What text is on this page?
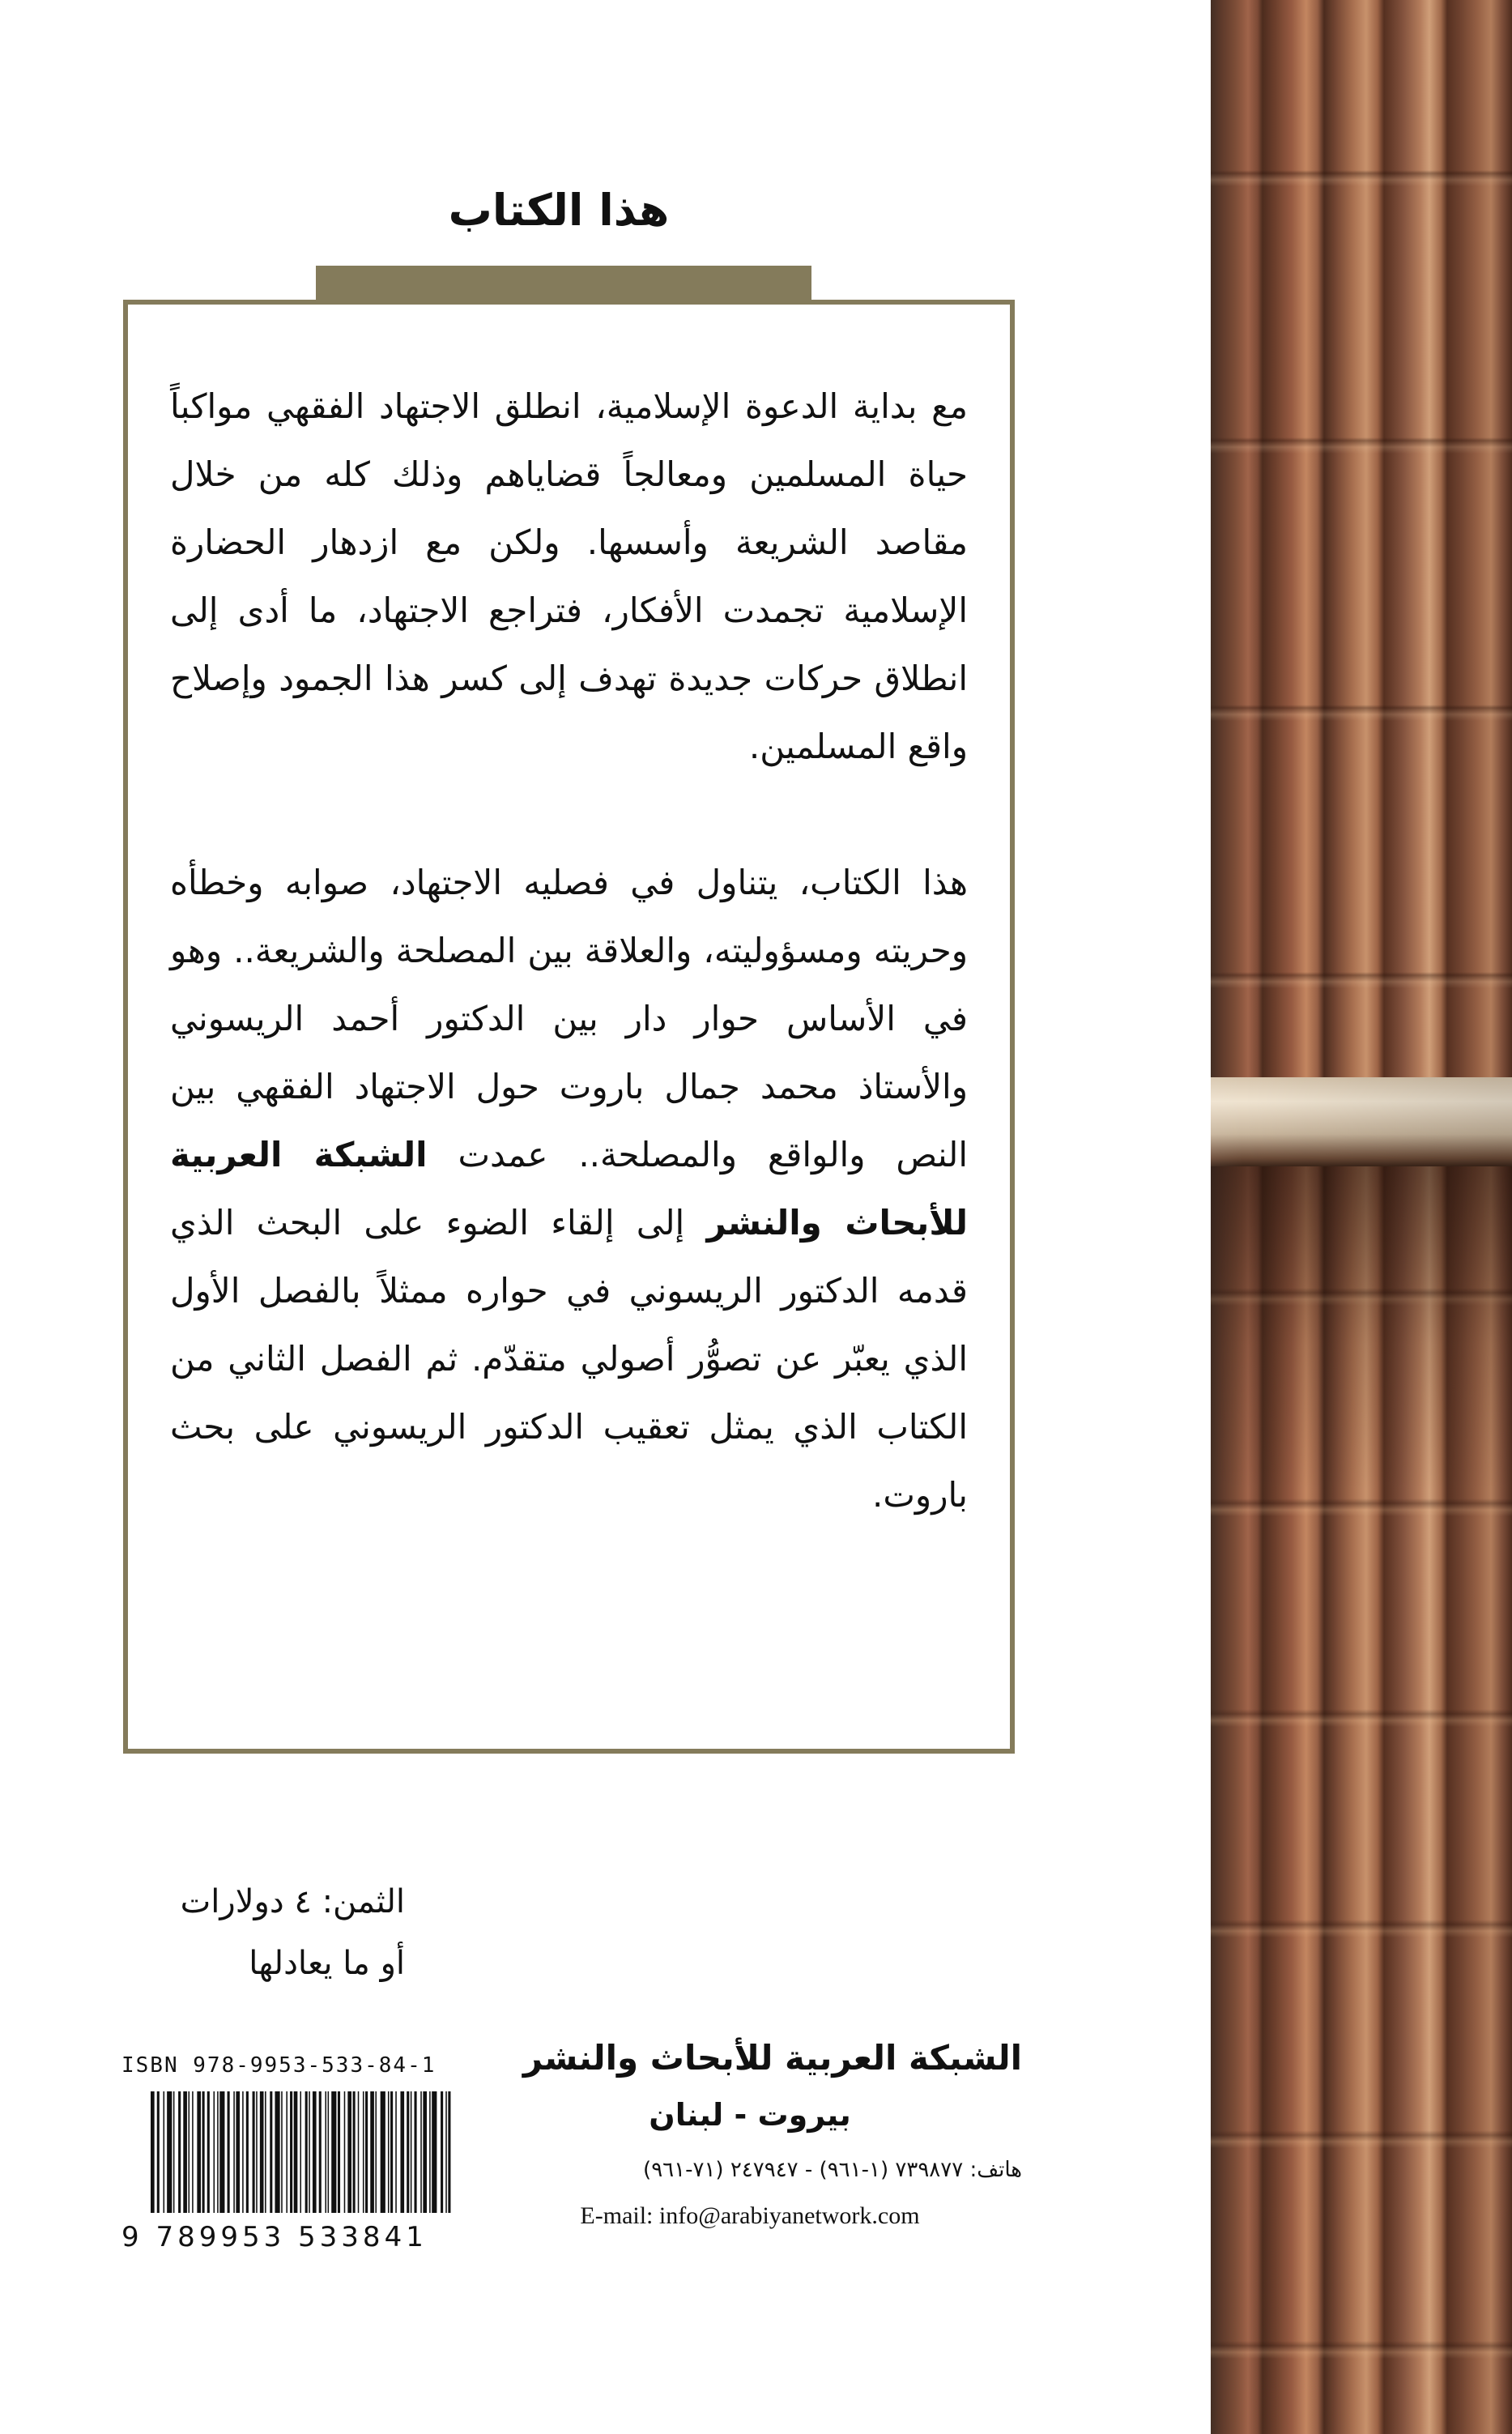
هذا الكتاب

مع بداية الدعوة الإسلامية، انطلق الاجتهاد الفقهي مواكباً حياة المسلمين ومعالجاً قضاياهم وذلك كله من خلال مقاصد الشريعة وأسسها. ولكن مع ازدهار الحضارة الإسلامية تجمدت الأفكار، فتراجع الاجتهاد، ما أدى إلى انطلاق حركات جديدة تهدف إلى كسر هذا الجمود وإصلاح واقع المسلمين.

هذا الكتاب، يتناول في فصليه الاجتهاد، صوابه وخطأه وحريته ومسؤوليته، والعلاقة بين المصلحة والشريعة.. وهو في الأساس حوار دار بين الدكتور أحمد الريسوني والأستاذ محمد جمال باروت حول الاجتهاد الفقهي بين النص والواقع والمصلحة.. عمدت الشبكة العربية للأبحاث والنشر إلى إلقاء الضوء على البحث الذي قدمه الدكتور الريسوني في حواره ممثلاً بالفصل الأول الذي يعبّر عن تصوُّر أصولي متقدّم. ثم الفصل الثاني من الكتاب الذي يمثل تعقيب الدكتور الريسوني على بحث باروت.

الثمن: ٤ دولارات
أو ما يعادلها
الشبكة العربية للأبحاث والنشر
بيروت - لبنان
هاتف: ٧٣٩٨٧٧ (١-٩٦١) - ٢٤٧٩٤٧ (٧١-٩٦١)
E-mail: info@arabiyanetwork.com
ISBN 978-9953-533-84-1
9 789953 533841
